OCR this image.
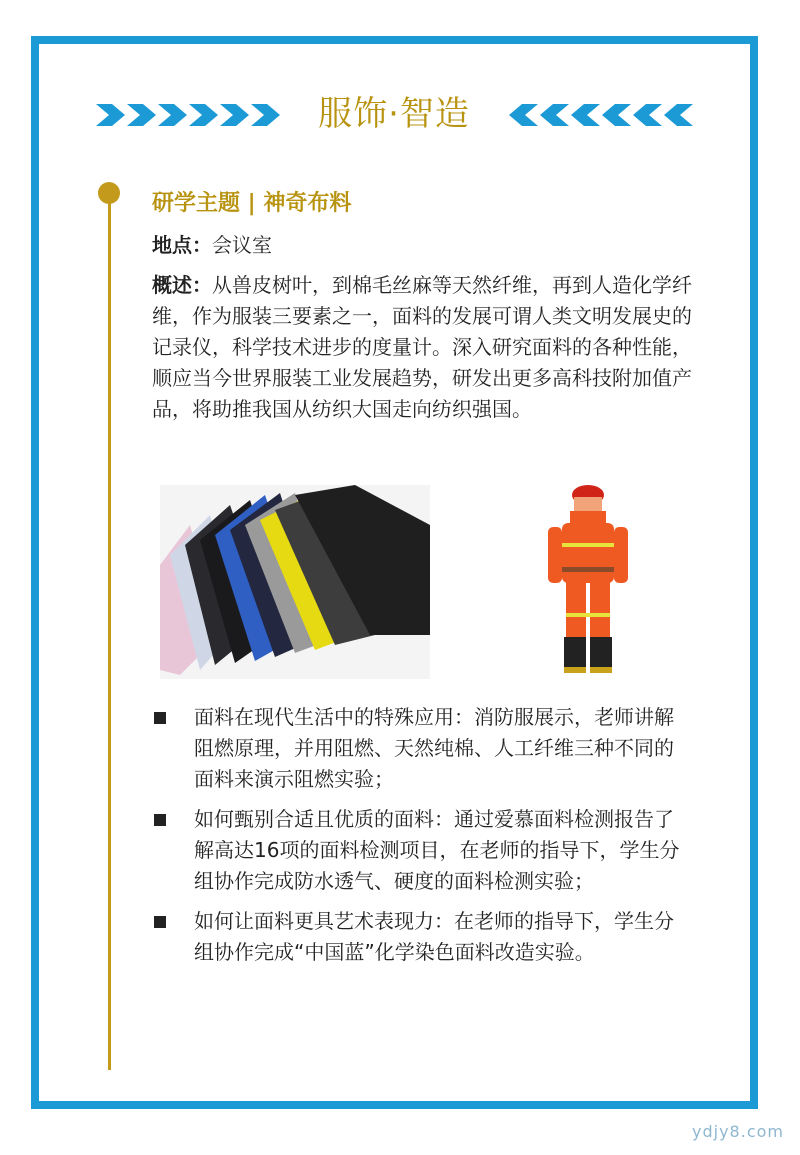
服饰·智造
研学主题 | 神奇布料
地点：会议室
概述：从兽皮树叶，到棉毛丝麻等天然纤维，再到人造化学纤维，作为服装三要素之一，面料的发展可谓人类文明发展史的记录仪，科学技术进步的度量计。深入研究面料的各种性能，顺应当今世界服装工业发展趋势，研发出更多高科技附加值产品，将助推我国从纺织大国走向纺织强国。
面料在现代生活中的特殊应用：消防服展示，老师讲解阻燃原理，并用阻燃、天然纯棉、人工纤维三种不同的面料来演示阻燃实验；
如何甄别合适且优质的面料：通过爱慕面料检测报告了解高达16项的面料检测项目，在老师的指导下，学生分组协作完成防水透气、硬度的面料检测实验；
如何让面料更具艺术表现力：在老师的指导下，学生分组协作完成“中国蓝”化学染色面料改造实验。
ydjy8.com
